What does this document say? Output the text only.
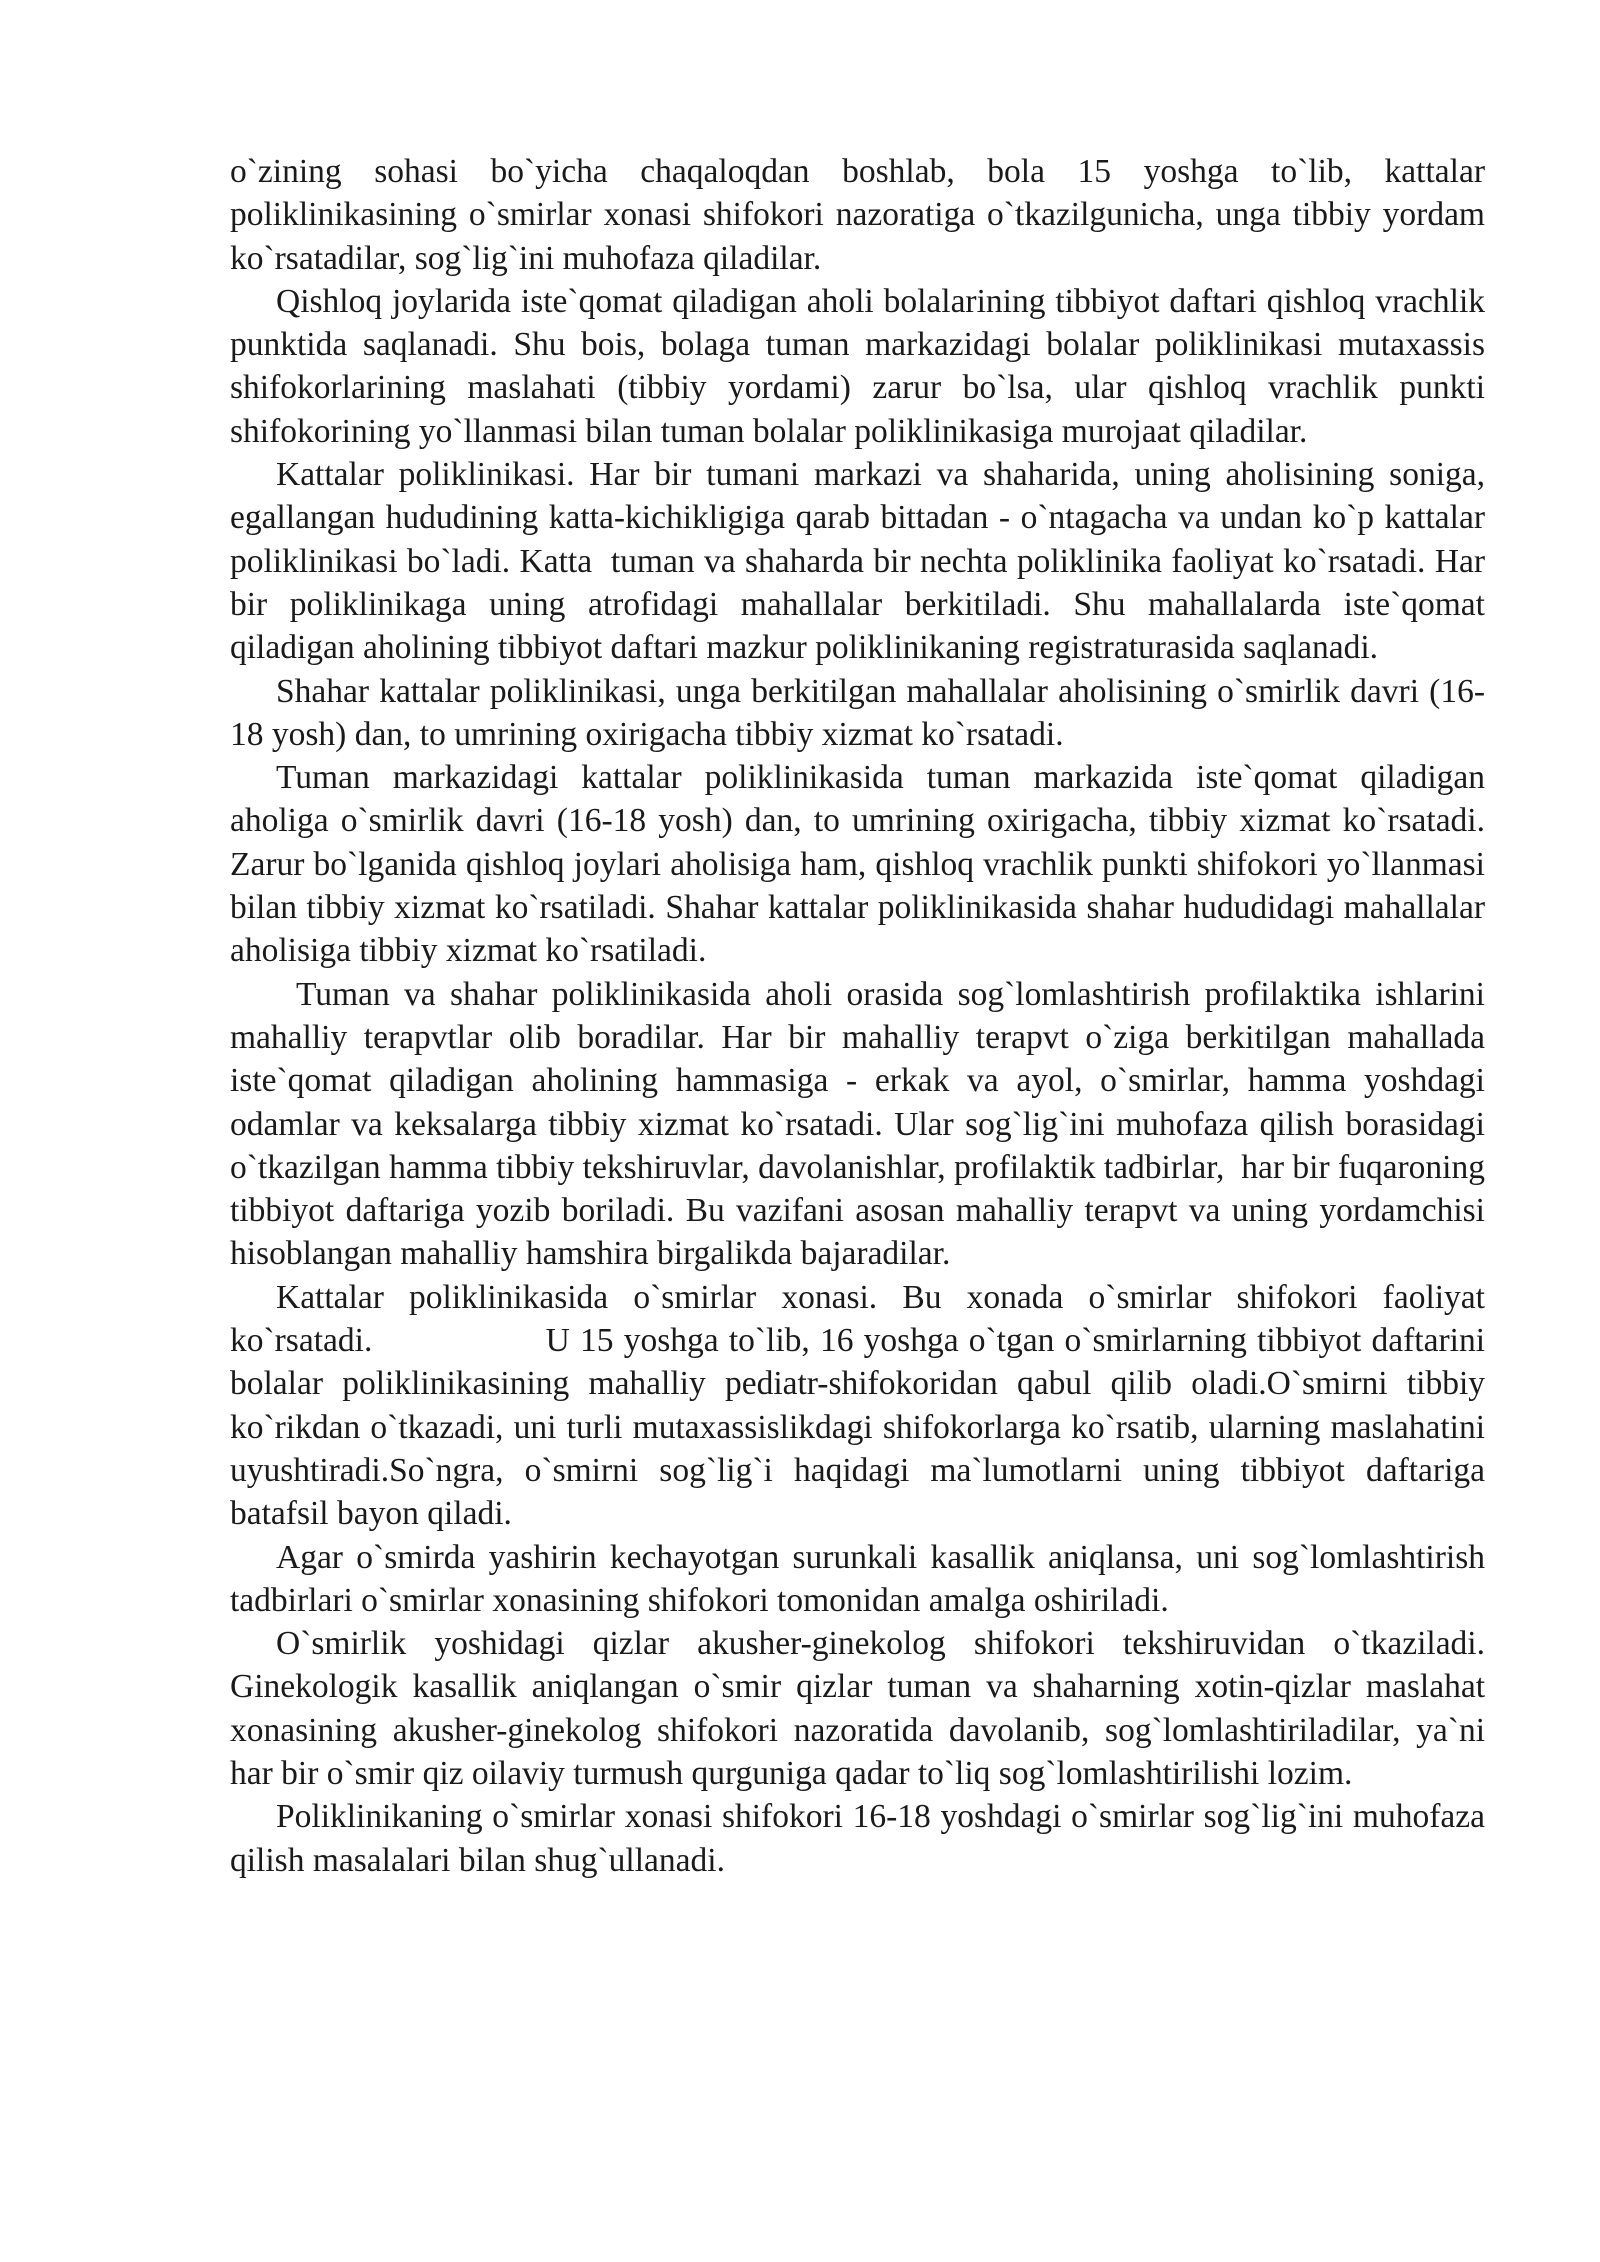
o`zining sohasi bo`yicha chaqaloqdan boshlab, bola 15 yoshga to`lib, kattalar poliklinikasining o`smirlar xonasi shifokori nazoratiga o`tkazilgunicha, unga tibbiy yordam ko`rsatadilar, sog`lig`ini muhofaza qiladilar.

Qishloq joylarida iste`qomat qiladigan aholi bolalarining tibbiyot daftari qishloq vrachlik punktida saqlanadi. Shu bois, bolaga tuman markazidagi bolalar poliklinikasi mutaxassis shifokorlarining maslahati (tibbiy yordami) zarur bo`lsa, ular qishloq vrachlik punkti shifokorining yo`llanmasi bilan tuman bolalar poliklinikasiga murojaat qiladilar.

Kattalar poliklinikasi. Har bir tumani markazi va shaharida, uning aholisining soniga, egallangan hududining katta-kichikligiga qarab bittadan - o`ntagacha va undan ko`p kattalar poliklinikasi bo`ladi. Katta  tuman va shaharda bir nechta poliklinika faoliyat ko`rsatadi. Har bir poliklinikaga uning atrofidagi mahallalar berkitiladi. Shu mahallalarda iste`qomat qiladigan aholining tibbiyot daftari mazkur poliklinikaning registraturasida saqlanadi.

Shahar kattalar poliklinikasi, unga berkitilgan mahallalar aholisining o`smirlik davri (16-18 yosh) dan, to umrining oxirigacha tibbiy xizmat ko`rsatadi.

Tuman markazidagi kattalar poliklinikasida tuman markazida iste`qomat qiladigan aholiga o`smirlik davri (16-18 yosh) dan, to umrining oxirigacha, tibbiy xizmat ko`rsatadi. Zarur bo`lganida qishloq joylari aholisiga ham, qishloq vrachlik punkti shifokori yo`llanmasi bilan tibbiy xizmat ko`rsatiladi. Shahar kattalar poliklinikasida shahar hududidagi mahallalar aholisiga tibbiy xizmat ko`rsatiladi.

Tuman va shahar poliklinikasida aholi orasida sog`lomlashtirish profilaktika ishlarini mahalliy terapvtlar olib boradilar. Har bir mahalliy terapvt o`ziga berkitilgan mahallada iste`qomat qiladigan aholining hammasiga - erkak va ayol, o`smirlar, hamma yoshdagi odamlar va keksalarga tibbiy xizmat ko`rsatadi. Ular sog`lig`ini muhofaza qilish borasidagi o`tkazilgan hamma tibbiy tekshiruvlar, davolanishlar, profilaktik tadbirlar,  har bir fuqaroning tibbiyot daftariga yozib boriladi. Bu vazifani asosan mahalliy terapvt va uning yordamchisi hisoblangan mahalliy hamshira birgalikda bajaradilar.

Kattalar poliklinikasida o`smirlar xonasi. Bu xonada o`smirlar shifokori faoliyat ko`rsatadi.                 U 15 yoshga to`lib, 16 yoshga o`tgan o`smirlarning tibbiyot daftarini bolalar poliklinikasining mahalliy pediatr-shifokoridan qabul qilib oladi.O`smirni tibbiy ko`rikdan o`tkazadi, uni turli mutaxassislikdagi shifokorlarga ko`rsatib, ularning maslahatini uyushtiradi.So`ngra, o`smirni sog`lig`i haqidagi ma`lumotlarni uning tibbiyot daftariga batafsil bayon qiladi.

Agar o`smirda yashirin kechayotgan surunkali kasallik aniqlansa, uni sog`lomlashtirish tadbirlari o`smirlar xonasining shifokori tomonidan amalga oshiriladi.

O`smirlik yoshidagi qizlar akusher-ginekolog shifokori tekshiruvidan o`tkaziladi. Ginekologik kasallik aniqlangan o`smir qizlar tuman va shaharning xotin-qizlar maslahat xonasining akusher-ginekolog shifokori nazoratida davolanib, sog`lomlashtiriladilar, ya`ni har bir o`smir qiz oilaviy turmush qurguniga qadar to`liq sog`lomlashtirilishi lozim.

Poliklinikaning o`smirlar xonasi shifokori 16-18 yoshdagi o`smirlar sog`lig`ini muhofaza qilish masalalari bilan shug`ullanadi.
